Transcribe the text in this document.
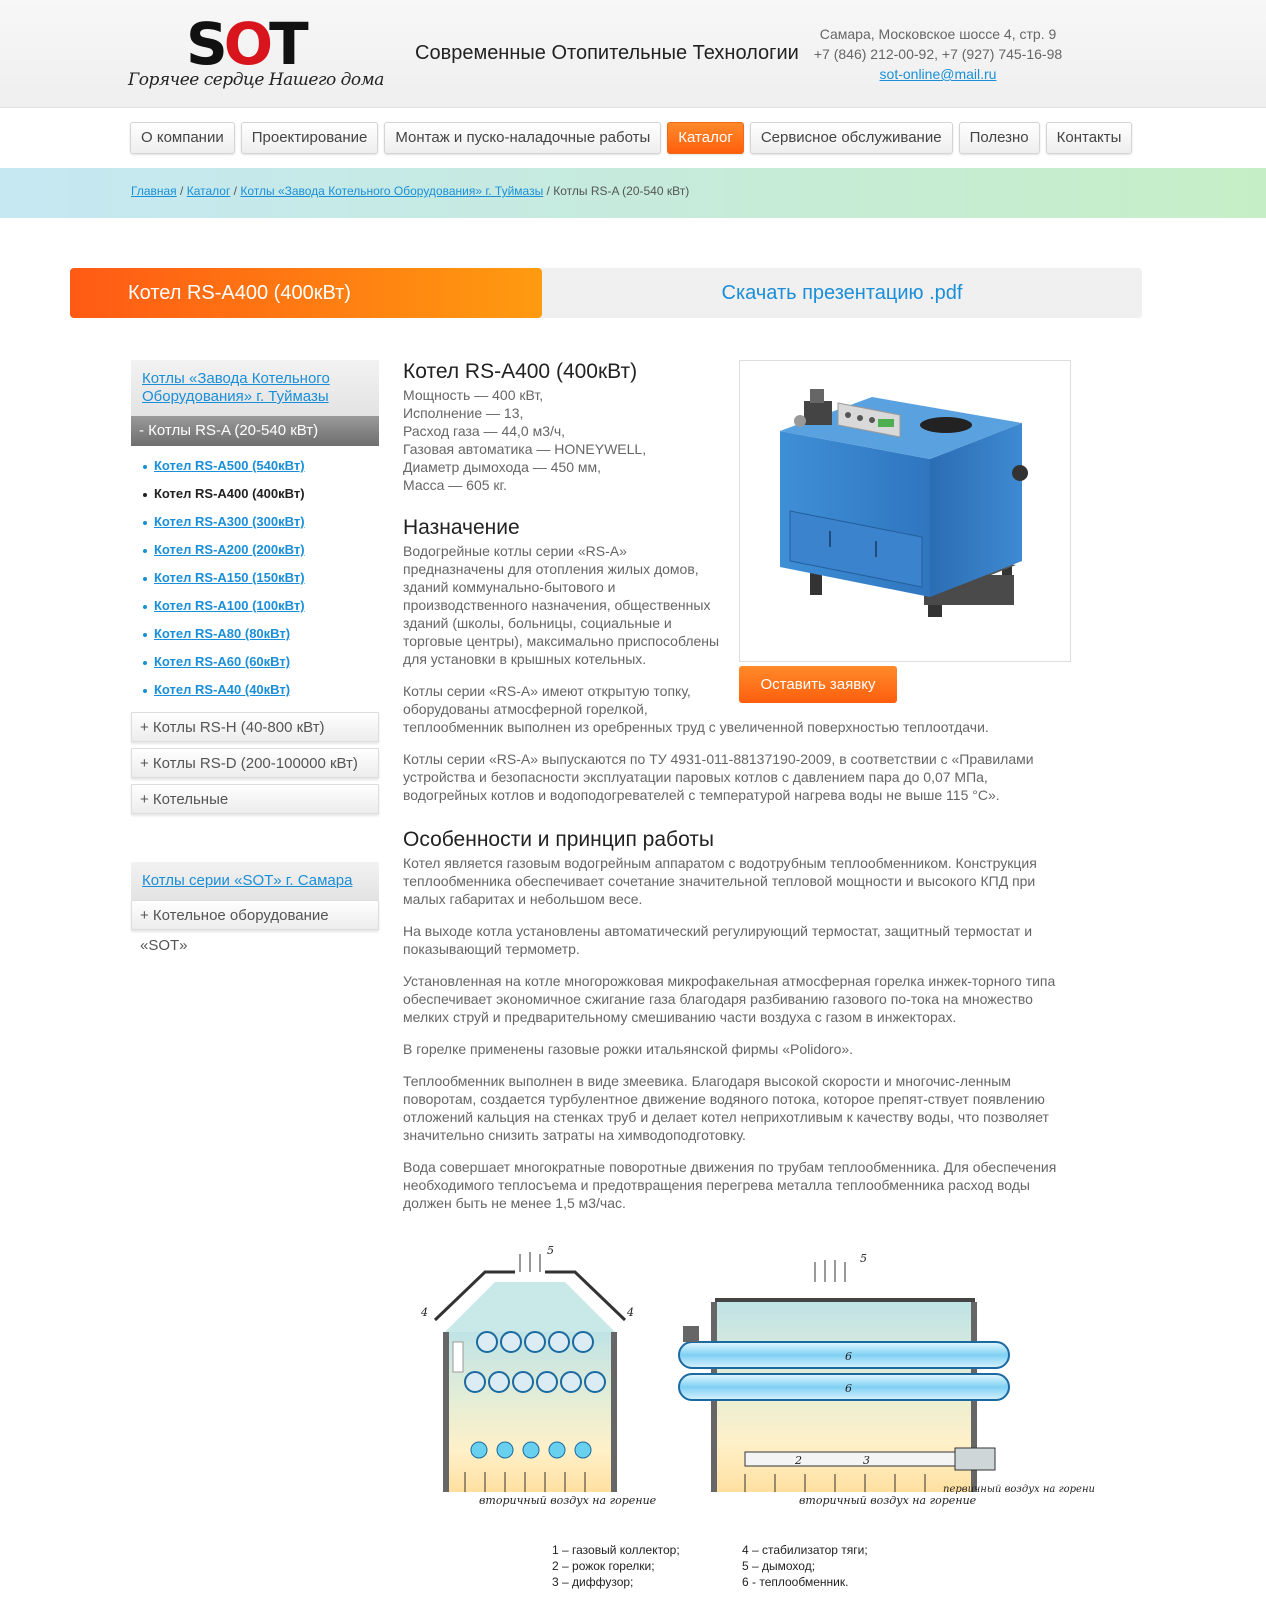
SOT
Горячее сердце Нашего дома
Современные Отопительные Технологии
Самара, Московское шоссе 4, стр. 9
+7 (846) 212-00-92, +7 (927) 745-16-98
sot-online@mail.ru
О компании	Проектирование	Монтаж и пуско-наладочные работы	Каталог	Сервисное обслуживание	Полезно	Контакты
Главная / Каталог / Котлы «Завода Котельного Оборудования» г. Туймазы / Котлы RS-A (20-540 кВт)
Котел RS-A400 (400кВт)	Скачать презентацию .pdf
Котлы «Завода Котельного Оборудования» г. Туймазы
- Котлы RS-A (20-540 кВт)
Котел RS-A500 (540кВт)
Котел RS-A400 (400кВт)
Котел RS-A300 (300кВт)
Котел RS-A200 (200кВт)
Котел RS-A150 (150кВт)
Котел RS-A100 (100кВт)
Котел RS-A80 (80кВт)
Котел RS-A60 (60кВт)
Котел RS-A40 (40кВт)
+ Котлы RS-H (40-800 кВт)
+ Котлы RS-D (200-100000 кВт)
+ Котельные
Котлы серии «SOT» г. Самара
+ Котельное оборудование «SOT»
Оставить заявку
Котел RS-A400 (400кВт)
Мощность — 400 кВт,
Исполнение — 13,
Расход газа — 44,0 м3/ч,
Газовая автоматика — HONEYWELL,
Диаметр дымохода — 450 мм,
Масса — 605 кг.
Назначение
Водогрейные котлы серии «RS-A»
предназначены для отопления жилых домов,
зданий коммунально-бытового и
производственного назначения, общественных
зданий (школы, больницы, социальные и
торговые центры), максимально приспособлены
для установки в крышных котельных.
Котлы серии «RS-A» имеют открытую топку,
оборудованы атмосферной горелкой,
теплообменник выполнен из оребренных труд с увеличенной поверхностью теплоотдачи.
Котлы серии «RS-A» выпускаются по ТУ 4931-011-88137190-2009, в соответствии с «Правилами устройства и безопасности эксплуатации паровых котлов с давлением пара до 0,07 МПа, водогрейных котлов и водоподогревателей с температурой нагрева воды не выше 115 °С».
Особенности и принцип работы
Котел является газовым водогрейным аппаратом с водотрубным теплообменником. Конструкция теплообменника обеспечивает сочетание значительной тепловой мощности и высокого КПД при малых габаритах и небольшом весе.
На выходе котла установлены автоматический регулирующий термостат, защитный термостат и показывающий термометр.
Установленная на котле многорожковая микрофакельная атмосферная горелка инжек-торного типа обеспечивает экономичное сжигание газа благодаря разбиванию газового по-тока на множество мелких струй и предварительному смешиванию части воздуха с газом в инжекторах.
В горелке применены газовые рожки итальянской фирмы «Polidoro».
Теплообменник выполнен в виде змеевика. Благодаря высокой скорости и многочис-ленным поворотам, создается турбулентное движение водяного потока, которое препят-ствует появлению отложений кальция на стенках труб и делает котел неприхотливым к качеству воды, что позволяет значительно снизить затраты на химводоподготовку.
Вода совершает многократные поворотные движения по трубам теплообменника. Для обеспечения необходимого теплосъема и предотвращения перегрева металла теплообменника расход воды должен быть не менее 1,5 м3/час.
5
4	4
вторичный воздух на горение
5
6
6
2	3
вторичный воздух на горение
первичный воздух на горение
1 – газовый коллектор;
2 – рожок горелки;
3 – диффузор;
4 – стабилизатор тяги;
5 – дымоход;
6 - теплообменник.
